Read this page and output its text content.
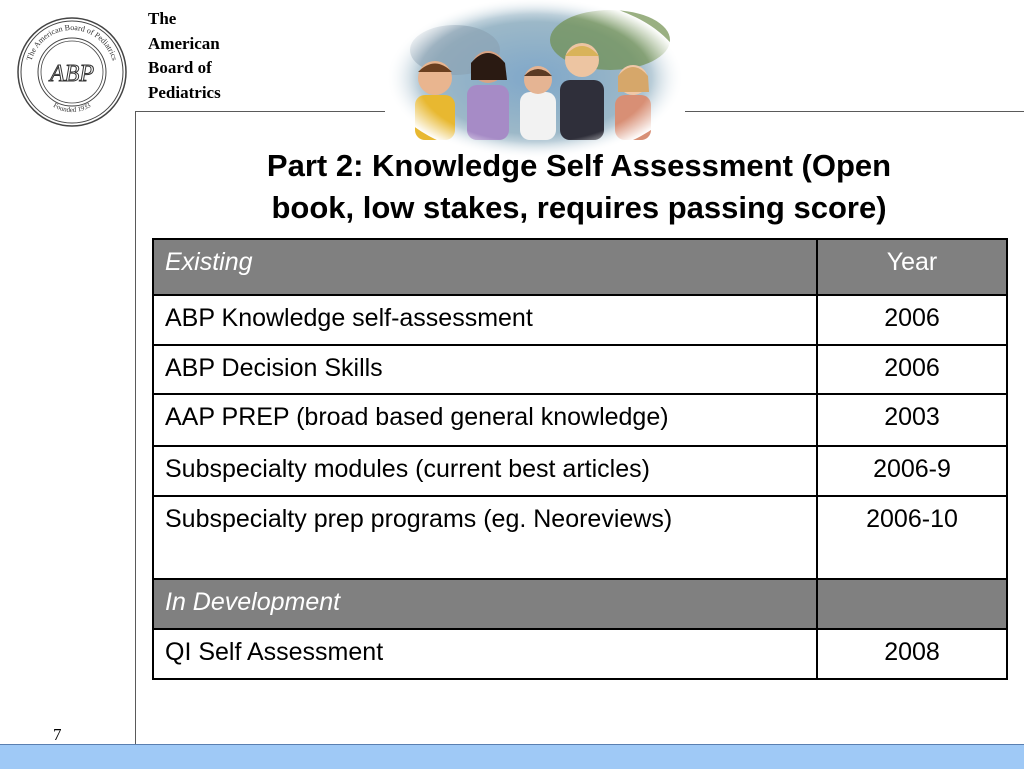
The American Board of Pediatrics
Founded 1933
ABP
The
American
Board of
Pediatrics
Part 2: Knowledge Self Assessment (Open
book, low stakes, requires passing score)
Existing	Year
ABP Knowledge self-assessment	2006
ABP Decision Skills	2006
AAP PREP (broad based general knowledge)	2003
Subspecialty modules (current best articles)	2006-9
Subspecialty prep programs (eg. Neoreviews)	2006-10
In Development	
QI Self Assessment	2008
7
